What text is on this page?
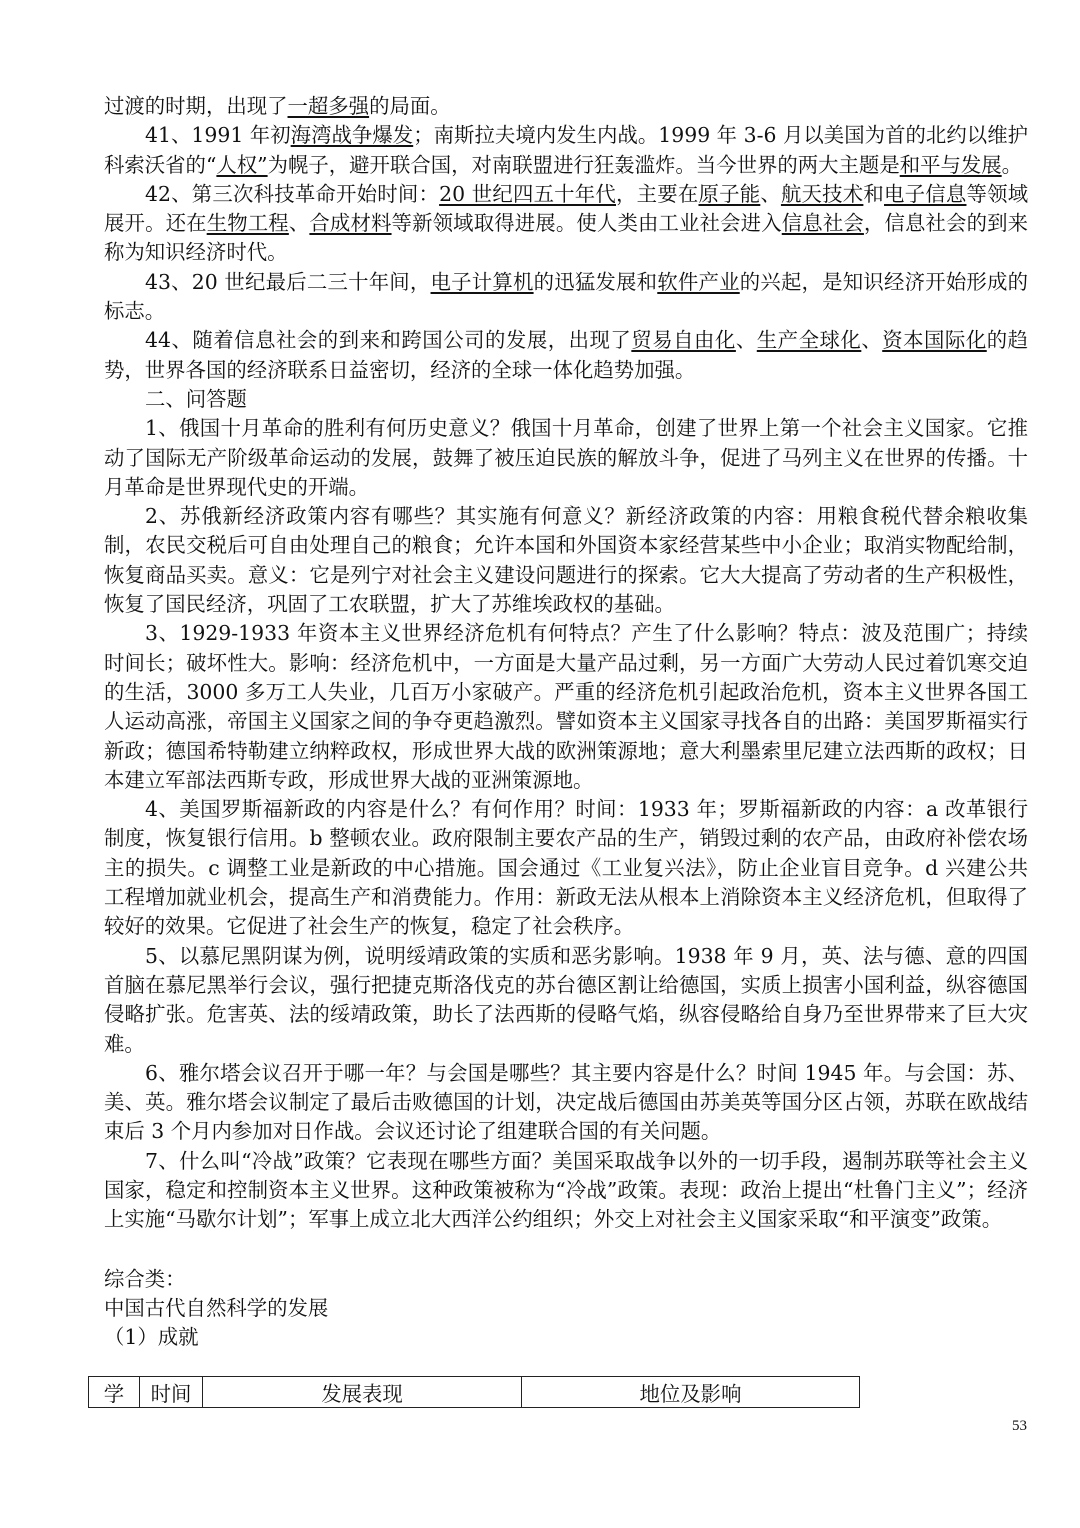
过渡的时期，出现了一超多强的局面。
41、1991 年初海湾战争爆发；南斯拉夫境内发生内战。1999 年 3-6 月以美国为首的北约以维护科索沃省的“人权”为幌子，避开联合国，对南联盟进行狂轰滥炸。当今世界的两大主题是和平与发展。
42、第三次科技革命开始时间：20 世纪四五十年代，主要在原子能、航天技术和电子信息等领域展开。还在生物工程、合成材料等新领域取得进展。使人类由工业社会进入信息社会，信息社会的到来称为知识经济时代。
43、20 世纪最后二三十年间，电子计算机的迅猛发展和软件产业的兴起，是知识经济开始形成的标志。
44、随着信息社会的到来和跨国公司的发展，出现了贸易自由化、生产全球化、资本国际化的趋势，世界各国的经济联系日益密切，经济的全球一体化趋势加强。
二、问答题
1、俄国十月革命的胜利有何历史意义？俄国十月革命，创建了世界上第一个社会主义国家。它推动了国际无产阶级革命运动的发展，鼓舞了被压迫民族的解放斗争，促进了马列主义在世界的传播。十月革命是世界现代史的开端。
2、苏俄新经济政策内容有哪些？其实施有何意义？新经济政策的内容：用粮食税代替余粮收集制，农民交税后可自由处理自己的粮食；允许本国和外国资本家经营某些中小企业；取消实物配给制，恢复商品买卖。意义：它是列宁对社会主义建设问题进行的探索。它大大提高了劳动者的生产积极性，恢复了国民经济，巩固了工农联盟，扩大了苏维埃政权的基础。
3、1929-1933 年资本主义世界经济危机有何特点？产生了什么影响？特点：波及范围广；持续时间长；破坏性大。影响：经济危机中，一方面是大量产品过剩，另一方面广大劳动人民过着饥寒交迫的生活，3000 多万工人失业，几百万小家破产。严重的经济危机引起政治危机，资本主义世界各国工人运动高涨，帝国主义国家之间的争夺更趋激烈。譬如资本主义国家寻找各自的出路：美国罗斯福实行新政；德国希特勒建立纳粹政权，形成世界大战的欧洲策源地；意大利墨索里尼建立法西斯的政权；日本建立军部法西斯专政，形成世界大战的亚洲策源地。
4、美国罗斯福新政的内容是什么？有何作用？时间：1933 年；罗斯福新政的内容：a 改革银行制度，恢复银行信用。b 整顿农业。政府限制主要农产品的生产，销毁过剩的农产品，由政府补偿农场主的损失。c 调整工业是新政的中心措施。国会通过《工业复兴法》，防止企业盲目竞争。d 兴建公共工程增加就业机会，提高生产和消费能力。作用：新政无法从根本上消除资本主义经济危机，但取得了较好的效果。它促进了社会生产的恢复，稳定了社会秩序。
5、以慕尼黑阴谋为例，说明绥靖政策的实质和恶劣影响。1938 年 9 月，英、法与德、意的四国首脑在慕尼黑举行会议，强行把捷克斯洛伐克的苏台德区割让给德国，实质上损害小国利益，纵容德国侵略扩张。危害英、法的绥靖政策，助长了法西斯的侵略气焰，纵容侵略给自身乃至世界带来了巨大灾难。
6、雅尔塔会议召开于哪一年？与会国是哪些？其主要内容是什么？时间 1945 年。与会国：苏、美、英。雅尔塔会议制定了最后击败德国的计划，决定战后德国由苏美英等国分区占领，苏联在欧战结束后 3 个月内参加对日作战。会议还讨论了组建联合国的有关问题。
7、什么叫“冷战”政策？它表现在哪些方面？美国采取战争以外的一切手段，遏制苏联等社会主义国家，稳定和控制资本主义世界。这种政策被称为“冷战”政策。表现：政治上提出“杜鲁门主义”；经济上实施“马歇尔计划”；军事上成立北大西洋公约组织；外交上对社会主义国家采取“和平演变”政策。
综合类：
中国古代自然科学的发展
（1）成就
学	时间	发展表现	地位及影响
53
